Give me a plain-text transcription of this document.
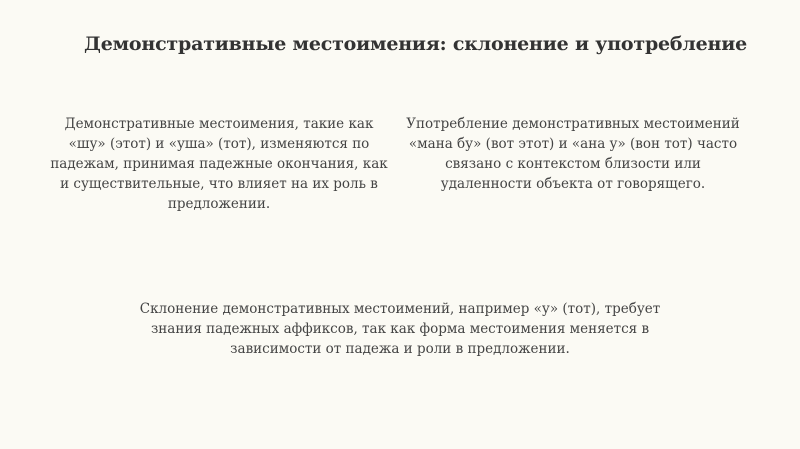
Демонстративные местоимения: склонение и употребление
Демонстративные местоимения, такие как «шу» (этот) и «уша» (тот), изменяются по падежам, принимая падежные окончания, как и существительные, что влияет на их роль в предложении.
Употребление демонстративных местоимений «мана бу» (вот этот) и «ана у» (вон тот) часто связано с контекстом близости или удаленности объекта от говорящего.
Склонение демонстративных местоимений, например «у» (тот), требует знания падежных аффиксов, так как форма местоимения меняется в зависимости от падежа и роли в предложении.
